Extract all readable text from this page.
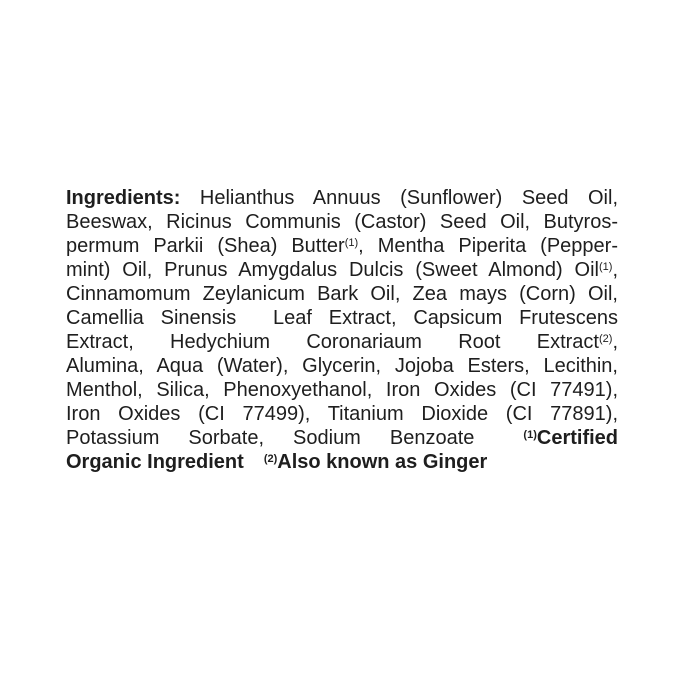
Ingredients: Helianthus Annuus (Sunflower) Seed Oil,
Beeswax, Ricinus Communis (Castor) Seed Oil, Butyros-
permum Parkii (Shea) Butter$^{(1)}$, Mentha Piperita (Pepper-
mint) Oil, Prunus Amygdalus Dulcis (Sweet Almond) Oil$^{(1)}$,
Cinnamomum Zeylanicum Bark Oil, Zea mays (Corn) Oil,
Camellia Sinensis  Leaf Extract, Capsicum Frutescens
Extract, Hedychium Coronariaum Root Extract$^{(2)}$,
Alumina, Aqua (Water), Glycerin, Jojoba Esters, Lecithin,
Menthol, Silica, Phenoxyethanol, Iron Oxides (CI 77491),
Iron Oxides (CI 77499), Titanium Dioxide (CI 77891),
Potassium Sorbate, Sodium Benzoate  $^{(1)}$Certified
Organic Ingredient $^{(2)}$Also known as Ginger
